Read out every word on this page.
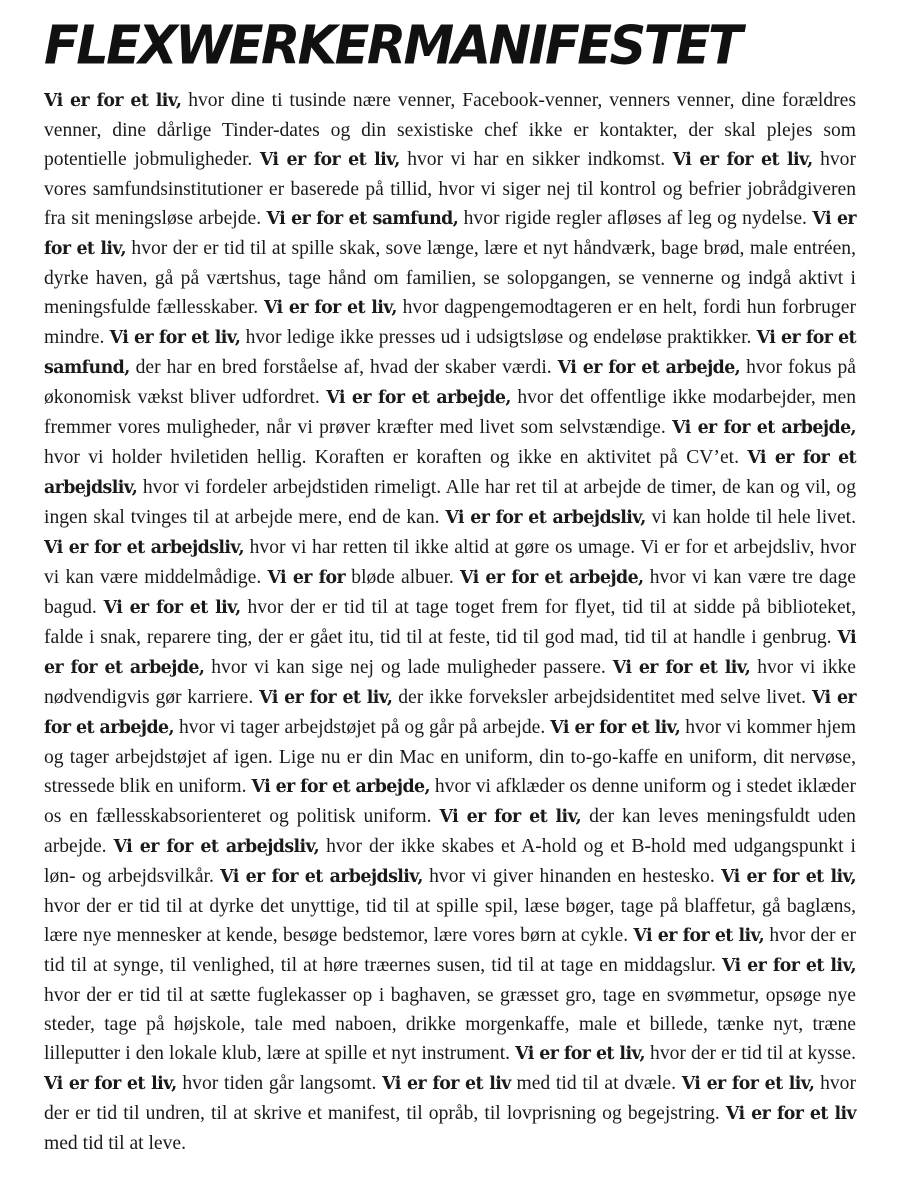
FLEXWERKERMANIFESTET

Vi er for et liv, hvor dine ti tusinde nære venner, Facebook-venner, venners venner, dine forældres venner, dine dårlige Tinder-dates og din sexistiske chef ikke er kontakter, der skal plejes som potentielle jobmuligheder. Vi er for et liv, hvor vi har en sikker indkomst. Vi er for et liv, hvor vores samfundsinstitutioner er baserede på tillid, hvor vi siger nej til kontrol og befrier jobrådgiveren fra sit meningsløse arbejde. Vi er for et samfund, hvor rigide regler afløses af leg og nydelse. Vi er for et liv, hvor der er tid til at spille skak, sove længe, lære et nyt håndværk, bage brød, male entréen, dyrke haven, gå på værtshus, tage hånd om familien, se solopgangen, se vennerne og indgå aktivt i meningsfulde fællesskaber. Vi er for et liv, hvor dagpengemodtageren er en helt, fordi hun forbruger mindre. Vi er for et liv, hvor ledige ikke presses ud i udsigtsløse og endeløse praktikker. Vi er for et samfund, der har en bred forståelse af, hvad der skaber værdi. Vi er for et arbejde, hvor fokus på økonomisk vækst bliver udfordret. Vi er for et arbejde, hvor det offentlige ikke modarbejder, men fremmer vores muligheder, når vi prøver kræfter med livet som selvstændige. Vi er for et arbejde, hvor vi holder hviletiden hellig. Koraften er koraften og ikke en aktivitet på CV’et. Vi er for et arbejdsliv, hvor vi fordeler arbejdstiden rimeligt. Alle har ret til at arbejde de timer, de kan og vil, og ingen skal tvinges til at arbejde mere, end de kan. Vi er for et arbejdsliv, vi kan holde til hele livet. Vi er for et arbejdsliv, hvor vi har retten til ikke altid at gøre os umage. Vi er for et arbejdsliv, hvor vi kan være middelmådige. Vi er for bløde albuer. Vi er for et arbejde, hvor vi kan være tre dage bagud. Vi er for et liv, hvor der er tid til at tage toget frem for flyet, tid til at sidde på biblioteket, falde i snak, reparere ting, der er gået itu, tid til at feste, tid til god mad, tid til at handle i genbrug. Vi er for et arbejde, hvor vi kan sige nej og lade muligheder passere. Vi er for et liv, hvor vi ikke nødvendigvis gør karriere. Vi er for et liv, der ikke forveksler arbejdsidentitet med selve livet. Vi er for et arbejde, hvor vi tager arbejdstøjet på og går på arbejde. Vi er for et liv, hvor vi kommer hjem og tager arbejdstøjet af igen. Lige nu er din Mac en uniform, din to-go-kaffe en uniform, dit nervøse, stressede blik en uniform. Vi er for et arbejde, hvor vi afklæder os denne uniform og i stedet iklæder os en fællesskabsorienteret og politisk uniform. Vi er for et liv, der kan leves meningsfuldt uden arbejde. Vi er for et arbejdsliv, hvor der ikke skabes et A-hold og et B-hold med udgangspunkt i løn- og arbejdsvilkår. Vi er for et arbejdsliv, hvor vi giver hinanden en hestesko. Vi er for et liv, hvor der er tid til at dyrke det unyttige, tid til at spille spil, læse bøger, tage på blaffetur, gå baglæns, lære nye mennesker at kende, besøge bedstemor, lære vores børn at cykle. Vi er for et liv, hvor der er tid til at synge, til venlighed, til at høre træernes susen, tid til at tage en middagslur. Vi er for et liv, hvor der er tid til at sætte fuglekasser op i baghaven, se græsset gro, tage en svømmetur, opsøge nye steder, tage på højskole, tale med naboen, drikke morgenkaffe, male et billede, tænke nyt, træne lilleputter i den lokale klub, lære at spille et nyt instrument. Vi er for et liv, hvor der er tid til at kysse. Vi er for et liv, hvor tiden går langsomt. Vi er for et liv med tid til at dvæle. Vi er for et liv, hvor der er tid til undren, til at skrive et manifest, til opråb, til lovprisning og begejstring. Vi er for et liv med tid til at leve.
